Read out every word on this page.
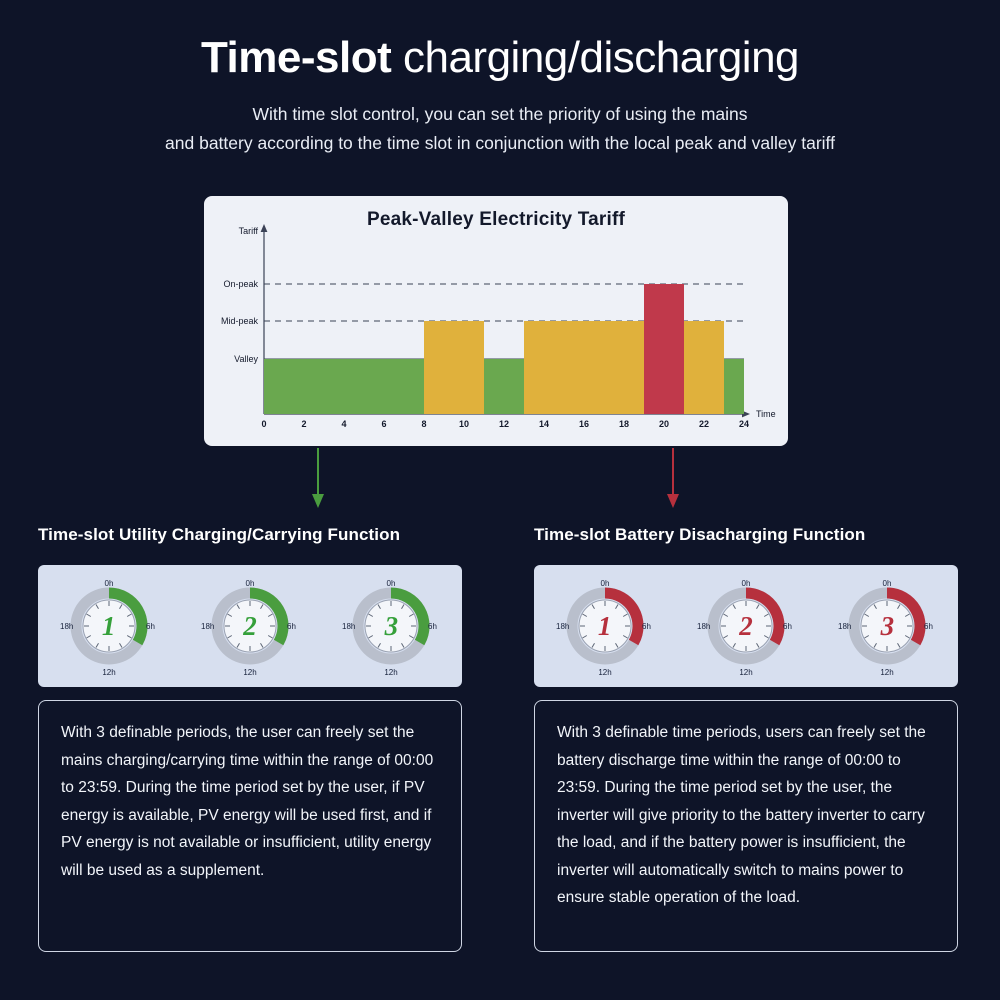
Time-slot charging/discharging
With time slot control, you can set the priority of using the mains
and battery according to the time slot in conjunction with the local peak and valley tariff
Peak-Valley Electricity Tariff
Tariff
On-peak
Mid-peak
Valley
0	2	4	6	8	10	12	14	16	18	20	22	24
Time
Time-slot Utility Charging/Carrying Function
0h
12h
18h	6h
1
0h
12h
18h	6h
2
0h
12h
18h	6h
3
With 3 definable periods, the user can freely set the mains charging/carrying time within the range of 00:00 to 23:59. During the time period set by the user, if PV energy is available, PV energy will be used first, and if PV energy is not available or insufficient, utility energy will be used as a supplement.
Time-slot Battery Disacharging Function
0h
12h
18h	6h
1
0h
12h
18h	6h
2
0h
12h
18h	6h
3
With 3 definable time periods, users can freely set the battery discharge time within the range of 00:00 to 23:59. During the time period set by the user, the inverter will give priority to the battery inverter to carry the load, and if the battery power is insufficient, the inverter will automatically switch to mains power to ensure stable operation of the load.
